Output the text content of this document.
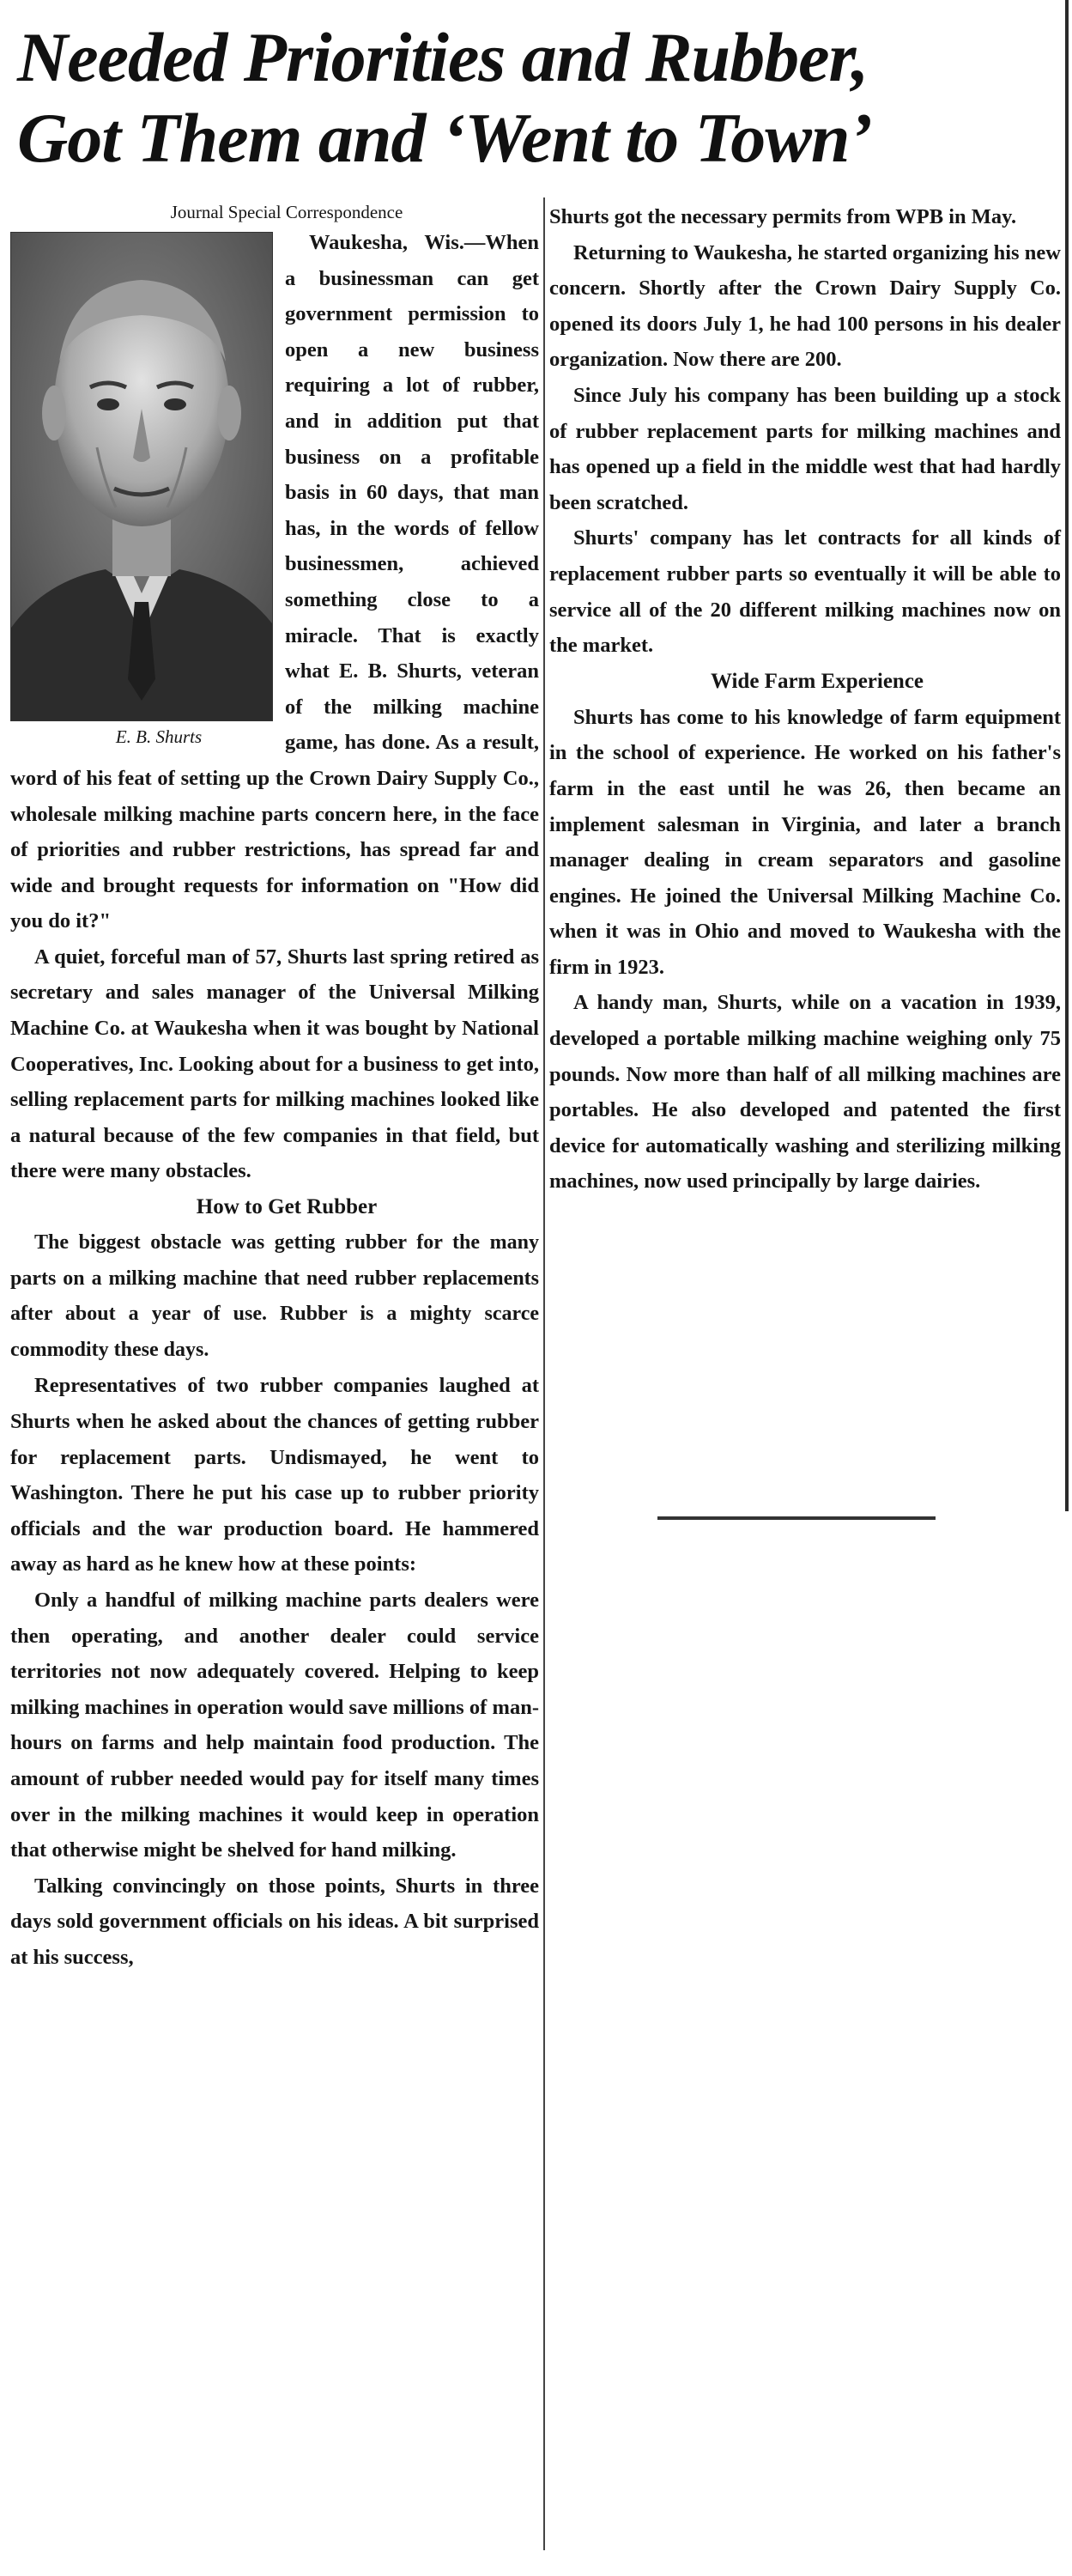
Needed Priorities and Rubber,
Got Them and ‘Went to Town’

Journal Special Correspondence

E. B. Shurts

Waukesha, Wis.—When a businessman can get government permission to open a new business requiring a lot of rubber, and in addition put that business on a profitable basis in 60 days, that man has, in the words of fellow businessmen, achieved something close to a miracle. That is exactly what E. B. Shurts, veteran of the milking machine game, has done. As a result, word of his feat of setting up the Crown Dairy Supply Co., wholesale milking machine parts concern here, in the face of priorities and rubber restrictions, has spread far and wide and brought requests for information on "How did you do it?"

A quiet, forceful man of 57, Shurts last spring retired as secretary and sales manager of the Universal Milking Machine Co. at Waukesha when it was bought by National Cooperatives, Inc. Looking about for a business to get into, selling replacement parts for milking machines looked like a natural because of the few companies in that field, but there were many obstacles.

How to Get Rubber

The biggest obstacle was getting rubber for the many parts on a milking machine that need rubber replacements after about a year of use. Rubber is a mighty scarce commodity these days.

Representatives of two rubber companies laughed at Shurts when he asked about the chances of getting rubber for replacement parts. Undismayed, he went to Washington. There he put his case up to rubber priority officials and the war production board. He hammered away as hard as he knew how at these points:

Only a handful of milking machine parts dealers were then operating, and another dealer could service territories not now adequately covered. Helping to keep milking machines in operation would save millions of man-hours on farms and help maintain food production. The amount of rubber needed would pay for itself many times over in the milking machines it would keep in operation that otherwise might be shelved for hand milking.

Talking convincingly on those points, Shurts in three days sold government officials on his ideas. A bit surprised at his success,

Shurts got the necessary permits from WPB in May.

Returning to Waukesha, he started organizing his new concern. Shortly after the Crown Dairy Supply Co. opened its doors July 1, he had 100 persons in his dealer organization. Now there are 200.

Since July his company has been building up a stock of rubber replacement parts for milking machines and has opened up a field in the middle west that had hardly been scratched.

Shurts' company has let contracts for all kinds of replacement rubber parts so eventually it will be able to service all of the 20 different milking machines now on the market.

Wide Farm Experience

Shurts has come to his knowledge of farm equipment in the school of experience. He worked on his father's farm in the east until he was 26, then became an implement salesman in Virginia, and later a branch manager dealing in cream separators and gasoline engines. He joined the Universal Milking Machine Co. when it was in Ohio and moved to Waukesha with the firm in 1923.

A handy man, Shurts, while on a vacation in 1939, developed a portable milking machine weighing only 75 pounds. Now more than half of all milking machines are portables. He also developed and patented the first device for automatically washing and sterilizing milking machines, now used principally by large dairies.
